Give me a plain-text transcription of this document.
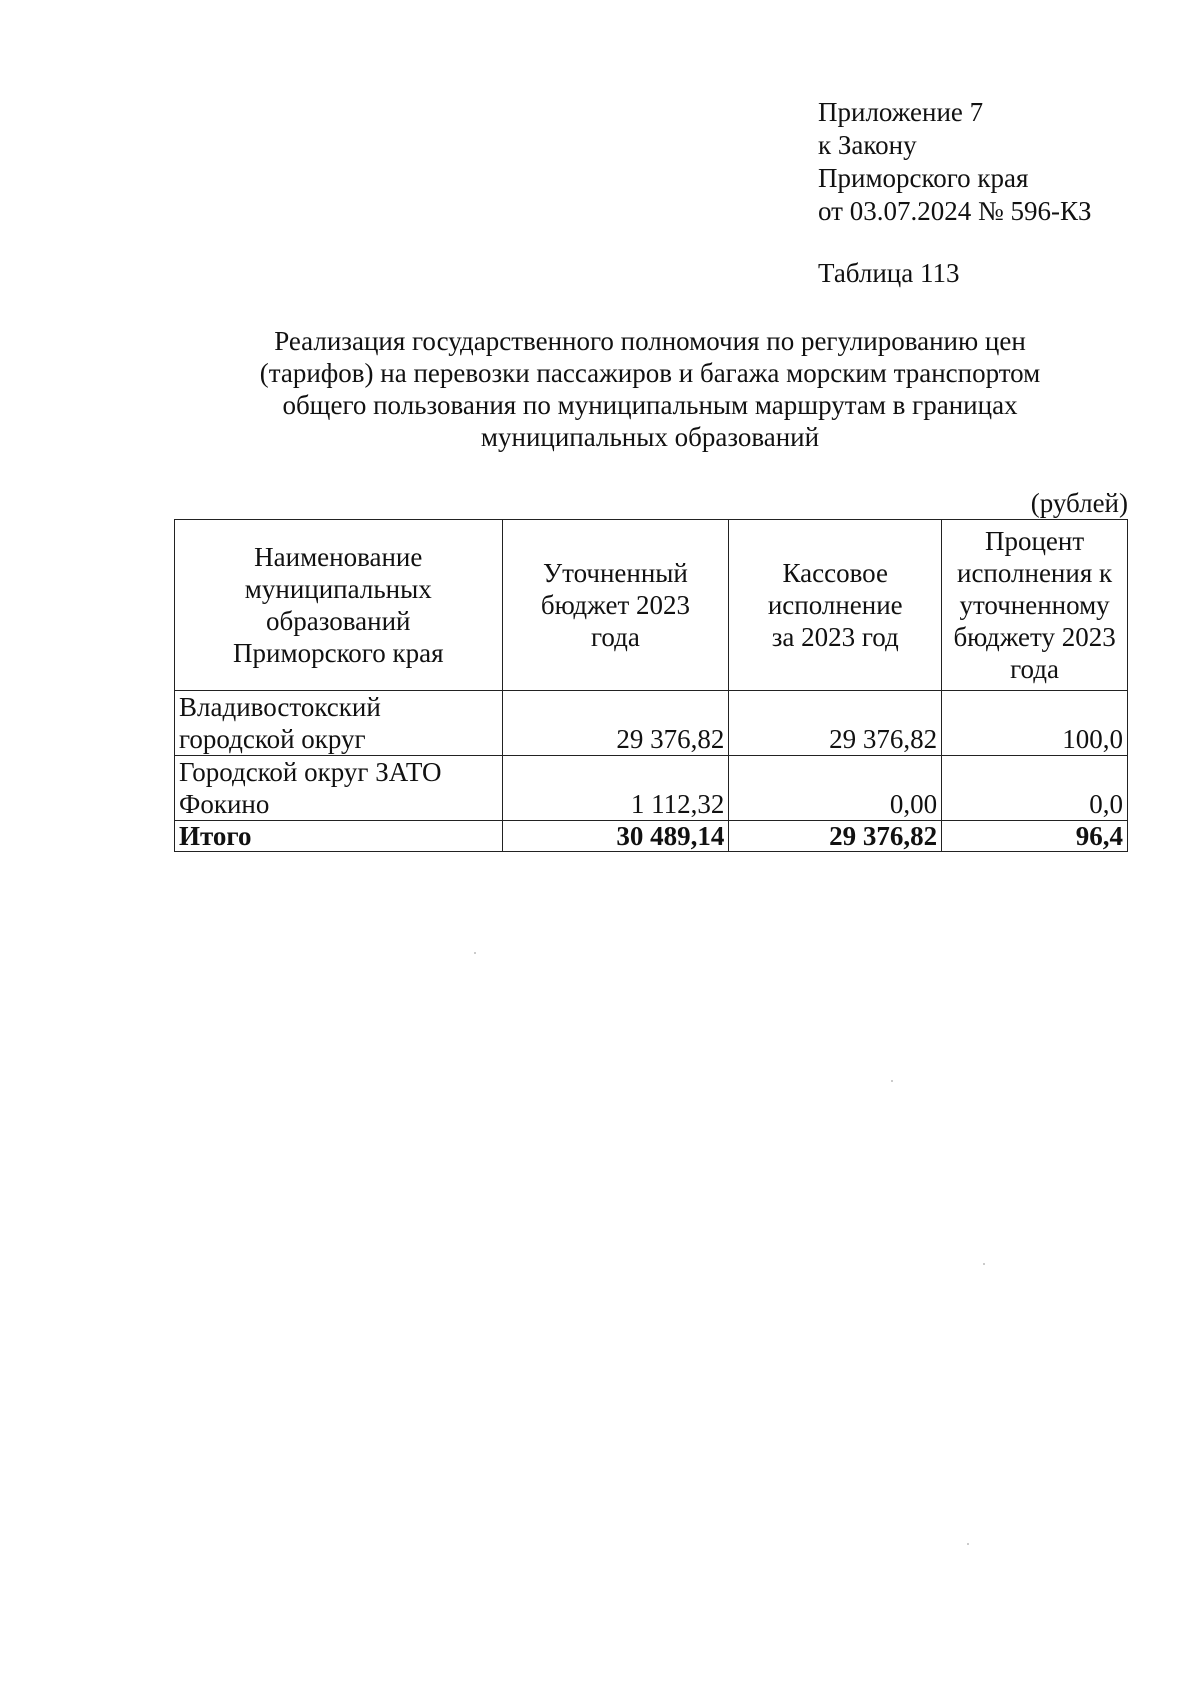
Приложение 7
к Закону
Приморского края
от 03.07.2024 № 596-КЗ
Таблица 113
Реализация государственного полномочия по регулированию цен (тарифов) на перевозки пассажиров и багажа морским транспортом общего пользования по муниципальным маршрутам в границах муниципальных образований
(рублей)
Наименование муниципальных образований Приморского края	Уточненный бюджет 2023 года	Кассовое исполнение за 2023 год	Процент исполнения к уточненному бюджету 2023 года

Владивостокский
городской округ	29 376,82	29 376,82	100,0

Городской округ ЗАТО
Фокино	1 112,32	0,00	0,0
Итого	30 489,14	29 376,82	96,4
